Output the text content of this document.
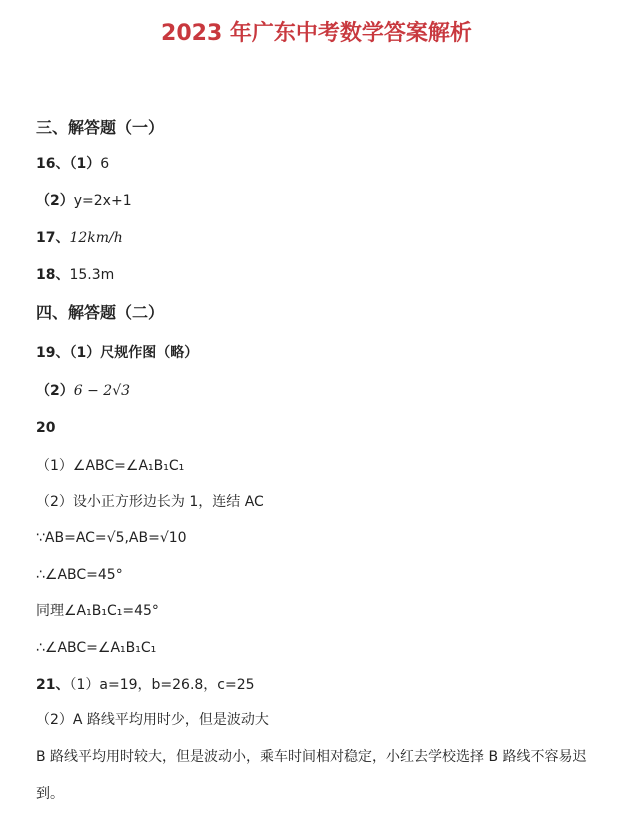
2023 年广东中考数学答案解析
三、解答题（一）
16、（1）6
（2）y=2x+1
17、12km/h
18、15.3m
四、解答题（二）
19、（1）尺规作图（略）
（2）6 − 2√3
20
（1）∠ABC=∠A₁B₁C₁
（2）设小正方形边长为 1，连结 AC
∵AB=AC=√5,AB=√10
∴∠ABC=45°
同理∠A₁B₁C₁=45°
∴∠ABC=∠A₁B₁C₁
21、（1）a=19，b=26.8，c=25
（2）A 路线平均用时少，但是波动大
B 路线平均用时较大，但是波动小，乘车时间相对稳定，小红去学校选择 B 路线不容易迟
到。
